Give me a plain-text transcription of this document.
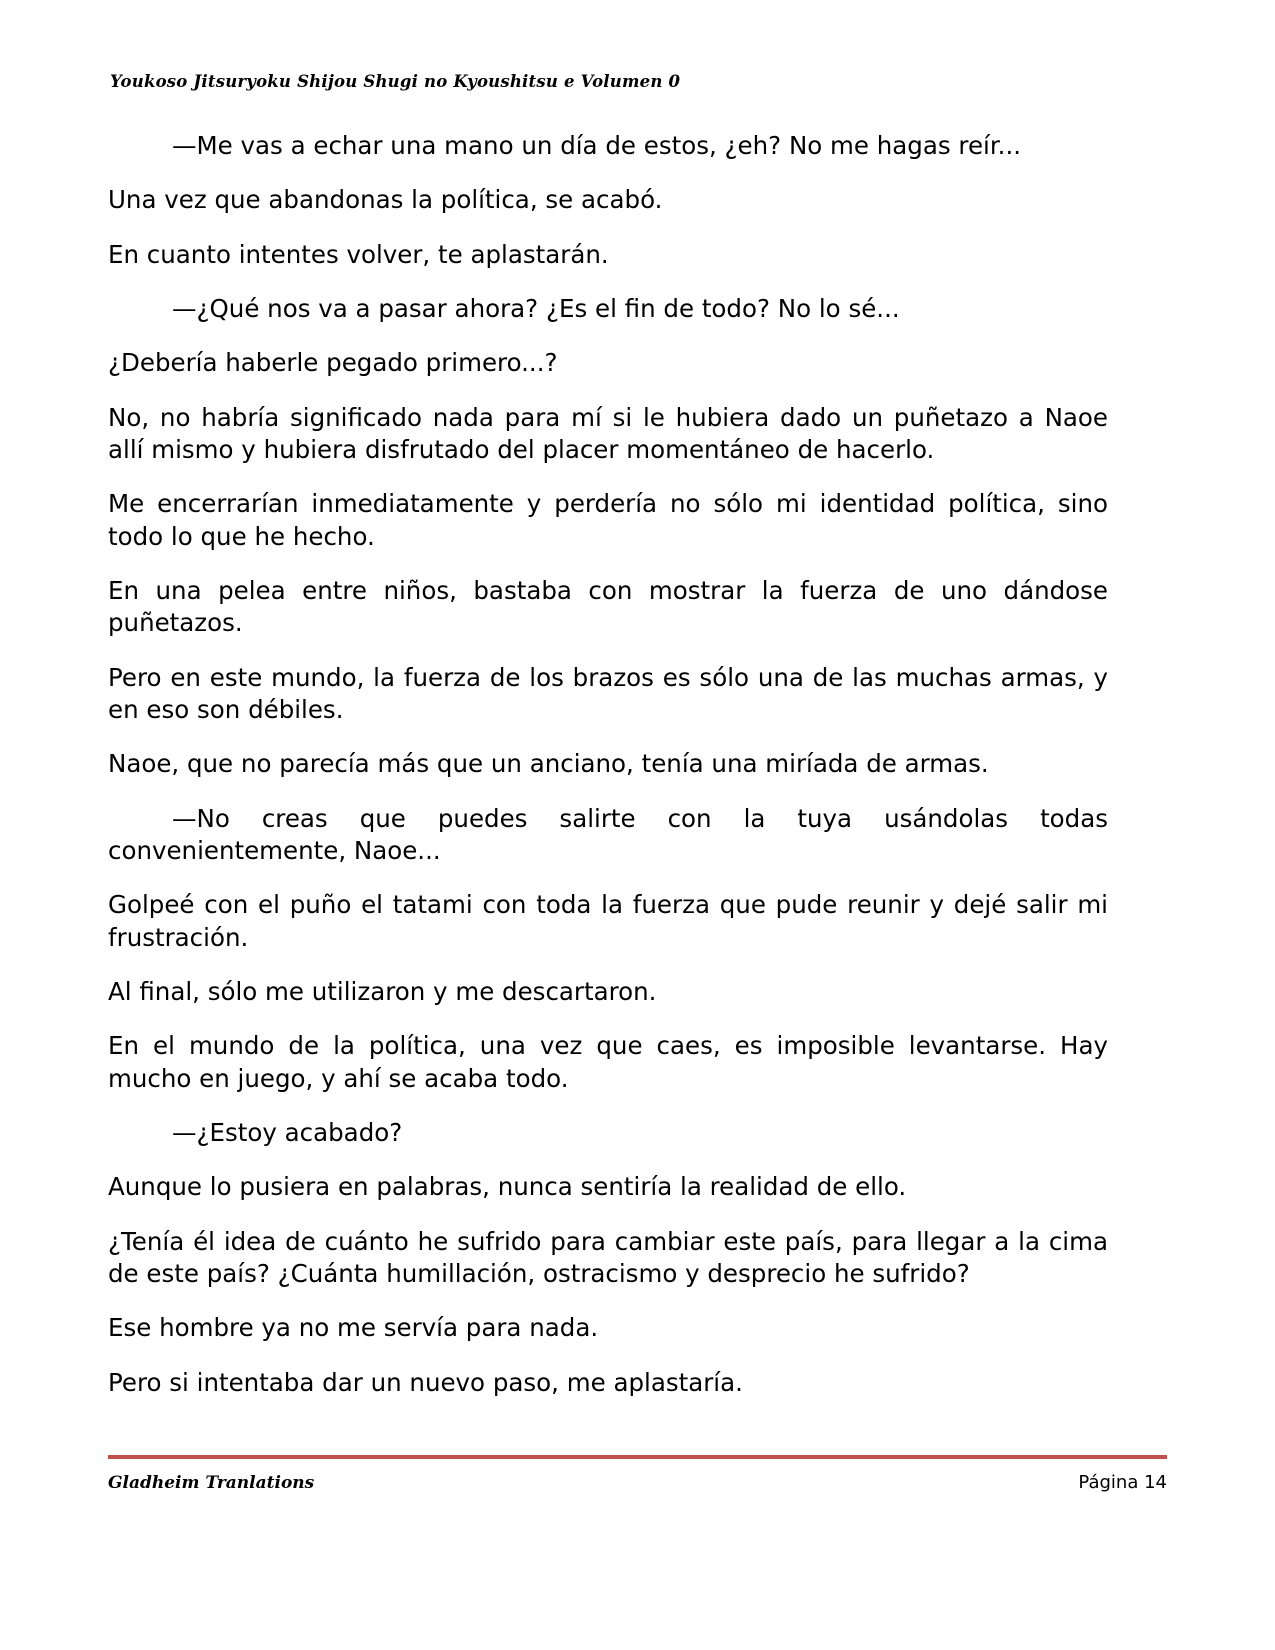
Youkoso Jitsuryoku Shijou Shugi no Kyoushitsu e Volumen 0

—Me vas a echar una mano un día de estos, ¿eh? No me hagas reír...

Una vez que abandonas la política, se acabó.

En cuanto intentes volver, te aplastarán.

—¿Qué nos va a pasar ahora? ¿Es el fin de todo? No lo sé...

¿Debería haberle pegado primero...?

No, no habría significado nada para mí si le hubiera dado un puñetazo a Naoe allí mismo y hubiera disfrutado del placer momentáneo de hacerlo.

Me encerrarían inmediatamente y perdería no sólo mi identidad política, sino todo lo que he hecho.

En una pelea entre niños, bastaba con mostrar la fuerza de uno dándose puñetazos.

Pero en este mundo, la fuerza de los brazos es sólo una de las muchas armas, y en eso son débiles.

Naoe, que no parecía más que un anciano, tenía una miríada de armas.

—No creas que puedes salirte con la tuya usándolas todas convenientemente, Naoe...

Golpeé con el puño el tatami con toda la fuerza que pude reunir y dejé salir mi frustración.

Al final, sólo me utilizaron y me descartaron.

En el mundo de la política, una vez que caes, es imposible levantarse. Hay mucho en juego, y ahí se acaba todo.

—¿Estoy acabado?

Aunque lo pusiera en palabras, nunca sentiría la realidad de ello.

¿Tenía él idea de cuánto he sufrido para cambiar este país, para llegar a la cima de este país? ¿Cuánta humillación, ostracismo y desprecio he sufrido?

Ese hombre ya no me servía para nada.

Pero si intentaba dar un nuevo paso, me aplastaría.

Gladheim Tranlations	Página 14
